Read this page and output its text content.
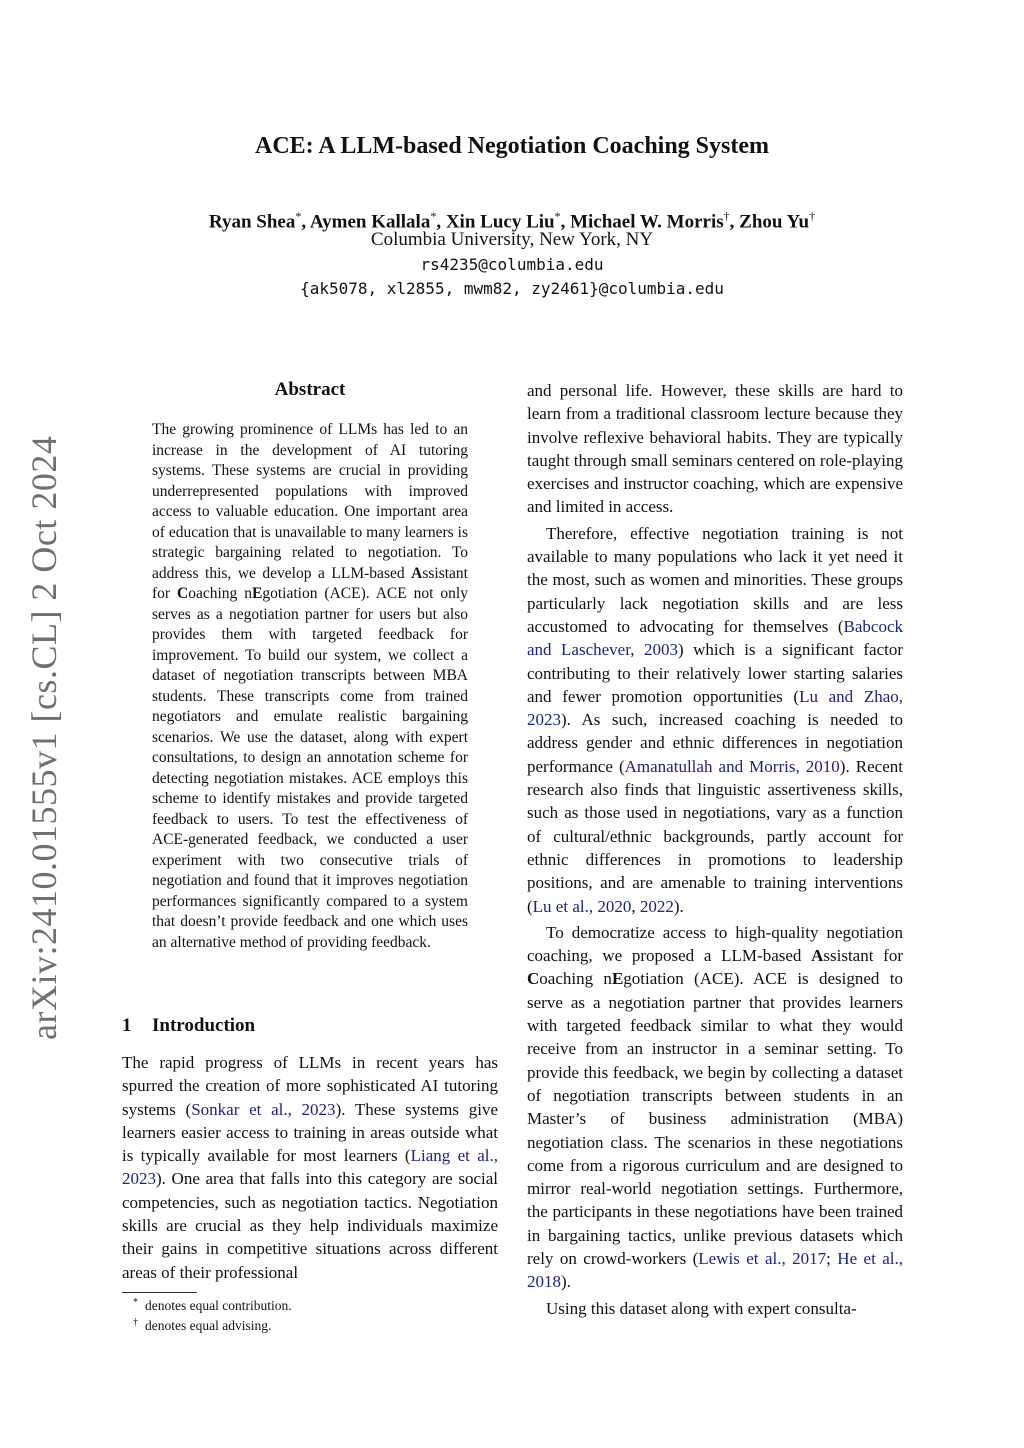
ACE: A LLM-based Negotiation Coaching System
Ryan Shea*, Aymen Kallala*, Xin Lucy Liu*, Michael W. Morris†, Zhou Yu†
Columbia University, New York, NY
rs4235@columbia.edu
{ak5078, xl2855, mwm82, zy2461}@columbia.edu
arXiv:2410.01555v1 [cs.CL] 2 Oct 2024
Abstract

The growing prominence of LLMs has led to an increase in the development of AI tutoring systems. These systems are crucial in providing underrepresented populations with improved access to valuable education. One important area of education that is unavailable to many learners is strategic bargaining related to negotiation. To address this, we develop a LLM-based Assistant for Coaching nEgotiation (ACE). ACE not only serves as a negotiation partner for users but also provides them with targeted feedback for improvement. To build our system, we collect a dataset of negotiation transcripts between MBA students. These transcripts come from trained negotiators and emulate realistic bargaining scenarios. We use the dataset, along with expert consultations, to design an annotation scheme for detecting negotiation mistakes. ACE employs this scheme to identify mistakes and provide targeted feedback to users. To test the effectiveness of ACE-generated feedback, we conducted a user experiment with two consecutive trials of negotiation and found that it improves negotiation performances significantly compared to a system that doesn’t provide feedback and one which uses an alternative method of providing feedback.

1 Introduction

The rapid progress of LLMs in recent years has spurred the creation of more sophisticated AI tutoring systems (Sonkar et al., 2023). These systems give learners easier access to training in areas outside what is typically available for most learners (Liang et al., 2023). One area that falls into this category are social competencies, such as negotiation tactics. Negotiation skills are crucial as they help individuals maximize their gains in competitive situations across different areas of their professional

and personal life. However, these skills are hard to learn from a traditional classroom lecture because they involve reflexive behavioral habits. They are typically taught through small seminars centered on role-playing exercises and instructor coaching, which are expensive and limited in access.

Therefore, effective negotiation training is not available to many populations who lack it yet need it the most, such as women and minorities. These groups particularly lack negotiation skills and are less accustomed to advocating for themselves (Babcock and Laschever, 2003) which is a significant factor contributing to their relatively lower starting salaries and fewer promotion opportunities (Lu and Zhao, 2023). As such, increased coaching is needed to address gender and ethnic differences in negotiation performance (Amanatullah and Morris, 2010). Recent research also finds that linguistic assertiveness skills, such as those used in negotiations, vary as a function of cultural/ethnic backgrounds, partly account for ethnic differences in promotions to leadership positions, and are amenable to training interventions (Lu et al., 2020, 2022).

To democratize access to high-quality negotiation coaching, we proposed a LLM-based Assistant for Coaching nEgotiation (ACE). ACE is designed to serve as a negotiation partner that provides learners with targeted feedback similar to what they would receive from an instructor in a seminar setting. To provide this feedback, we begin by collecting a dataset of negotiation transcripts between students in an Master’s of business administration (MBA) negotiation class. The scenarios in these negotiations come from a rigorous curriculum and are designed to mirror real-world negotiation settings. Furthermore, the participants in these negotiations have been trained in bargaining tactics, unlike previous datasets which rely on crowd-workers (Lewis et al., 2017; He et al., 2018).

Using this dataset along with expert consulta-

* denotes equal contribution.
† denotes equal advising.
